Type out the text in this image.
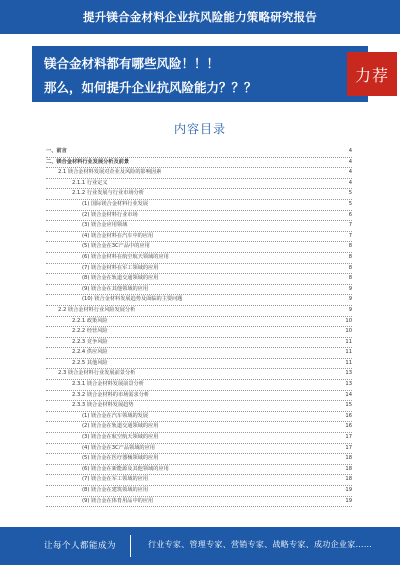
提升镁合金材料企业抗风险能力策略研究报告
镁合金材料都有哪些风险！！！
那么，如何提升企业抗风险能力？？？
力荐
内容目录
一、前言	4
二、镁合金材料行业发展分析及前景	4
2.1 镁合金材料发展对企业及风险的影响因素	4
2.1.1 行业定义	4
2.1.2 行业发展与行业市场分析	5
(1) 国际镁合金材料行业发展	5
(2) 镁合金材料行业市场	6
(3) 镁合金应用领域	7
(4) 镁合金材料在汽车中的应用	7
(5) 镁合金在3C产品中的应用	8
(6) 镁合金材料在航空航天领域的应用	8
(7) 镁合金材料在军工领域的应用	8
(8) 镁合金在轨道交通领域的应用	8
(9) 镁合金在其他领域的应用	9
(10) 镁合金材料发展趋势及面临的主要问题	9
2.2 镁合金材料行业风险发展分析	9
2.2.1 政策风险	10
2.2.2 经营风险	10
2.2.3 竞争风险	11
2.2.4 供应风险	11
2.2.5 其他风险	11
2.3 镁合金材料行业发展前景分析	13
2.3.1 镁合金材料发展前景分析	13
2.3.2 镁合金材料的市场需求分析	14
2.3.3 镁合金材料发展趋势	15
(1) 镁合金在汽车领域的发展	16
(2) 镁合金在轨道交通领域的应用	16
(3) 镁合金在航空航天领域的应用	17
(4) 镁合金在3C产品领域的应用	17
(5) 镁合金在医疗器械领域的应用	18
(6) 镁合金在新能源及其他领域的应用	18
(7) 镁合金在军工领域的应用	18
(8) 镁合金在建筑领域的应用	19
(9) 镁合金在体育用品中的应用	19
让每个人都能成为	行业专家、管理专家、营销专家、战略专家、成功企业家……
